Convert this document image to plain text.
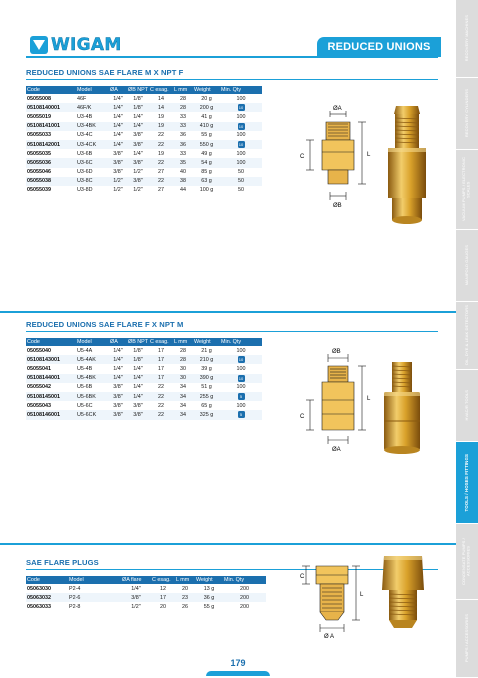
RECOVERY MACHINES
RECOVERY CYLINDERS
VACUUM PUMPS / ELECTRONIC SCALES
MANIFOLD GAUGES
OIL, DYE & LEAK DETECTORS
HVAC/R TOOLS
TOOLS / HOSES FITTINGS
CONDENSATE PUMPS / ACCESSORIES
PUMPS / ACCESSORIES
WIGAM	REDUCED UNIONS
REDUCED UNIONS SAE FLARE M X NPT F
Code	Model	ØA	ØB NPT	C esag.	L mm	Weight	Min. Qty
05055008	46F	1/4"	1/8"	14	28	20 g	100
05108140001	46F/K	1/4"	1/8"	14	28	200 g	10
05055019	U3-4B	1/4"	1/4"	19	33	41 g	100
05108141001	U3-4BK	1/4"	1/4"	19	33	410 g	10
05055033	U3-4C	1/4"	3/8"	22	36	55 g	100
05108142001	U3-4CK	1/4"	3/8"	22	36	550 g	10
05055035	U3-6B	3/8"	1/4"	19	33	49 g	100
05055036	U3-6C	3/8"	3/8"	22	35	54 g	100
05055046	U3-6D	3/8"	1/2"	27	40	85 g	50
05055038	U3-8C	1/2"	3/8"	22	38	63 g	50
05055039	U3-8D	1/2"	1/2"	27	44	100 g	50
ØA
ØB
C	L
REDUCED UNIONS SAE FLARE F X NPT M
Code	Model	ØA	ØB NPT	C esag.	L mm	Weight	Min. Qty
05055040	U5-4A	1/4"	1/8"	17	28	21 g	100
05108143001	U5-4AK	1/4"	1/8"	17	28	210 g	10
05055041	U5-4B	1/4"	1/4"	17	30	39 g	100
05108144001	U5-4BK	1/4"	1/4"	17	30	390 g	10
05055042	U5-6B	3/8"	1/4"	22	34	51 g	100
05108145001	U5-6BK	3/8"	1/4"	22	34	255 g	5
05055043	U5-6C	3/8"	3/8"	22	34	65 g	100
05108146001	U5-6CK	3/8"	3/8"	22	34	325 g	5
ØB
ØA
C
L
SAE FLARE PLUGS
Code	Model	ØA flare	C esag.	L mm	Weight	Min. Qty
05063030	P2-4	1/4"	12	20	13 g	200
05063032	P2-6	3/8"	17	23	36 g	200
05063033	P2-8	1/2"	20	26	55 g	200
C
L
Ø A
179
